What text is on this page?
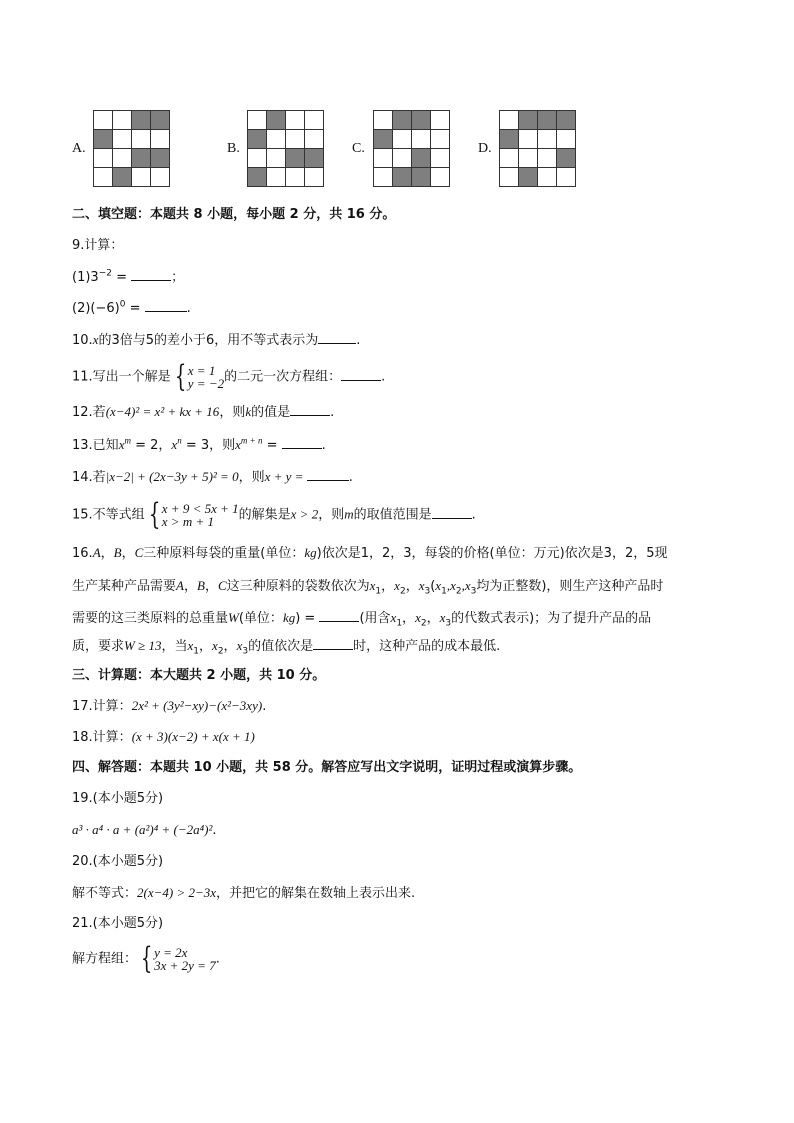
A.

				B.

				C.

				D.

二、填空题：本题共 8 小题，每小题 2 分，共 16 分。
9.计算：
$(1)3^{-2}$ =	；
$(2)(-6)^0$ =	.
10.x的3倍与5的差小于6，用不等式表示为	.
11.写出一个解是 { x = 1
y = −2 的二元一次方程组：	.
12.若(x−4)² = x² + kx + 16，则k的值是	.
13.已知$x^m = 2$，$x^n = 3$，则$x^{m + n}$ =	.
14.若|x−2| + (2x−3y + 5)² = 0，则x + y =	.
15.不等式组 { x + 9 < 5x + 1
x > m + 1	的解集是x > 2，则m的取值范围是	.
16.A，B，C三种原料每袋的重量(单位：kg)依次是1，2，3，每袋的价格(单位：万元)依次是3，2，5现
生产某种产品需要A，B，C这三种原料的袋数依次为$x_1$，$x_2$，$x_3(x_1,x_2,x_3$均为正整数)，则生产这种产品时
需要的这三类原料的总重量W(单位：kg) =	(用含$x_1$，$x_2$，$x_3$的代数式表示)；为了提升产品的品
质，要求W ≥ 13，当$x_1$，$x_2$，$x_3$的值依次是	时，这种产品的成本最低.
三、计算题：本大题共 2 小题，共 10 分。
17.计算：2x² + (3y²−xy)−(x²−3xy).
18.计算：(x + 3)(x−2) + x(x + 1)
四、解答题：本题共 10 小题，共 58 分。解答应写出文字说明，证明过程或演算步骤。
19.(本小题5分)
a³ · a⁴ · a + (a²)⁴ + (−2a⁴)².
20.(本小题5分)
解不等式：2(x−4) > 2−3x，并把它的解集在数轴上表示出来.
21.(本小题5分)
解方程组： { y = 2x
3x + 2y = 7 .
